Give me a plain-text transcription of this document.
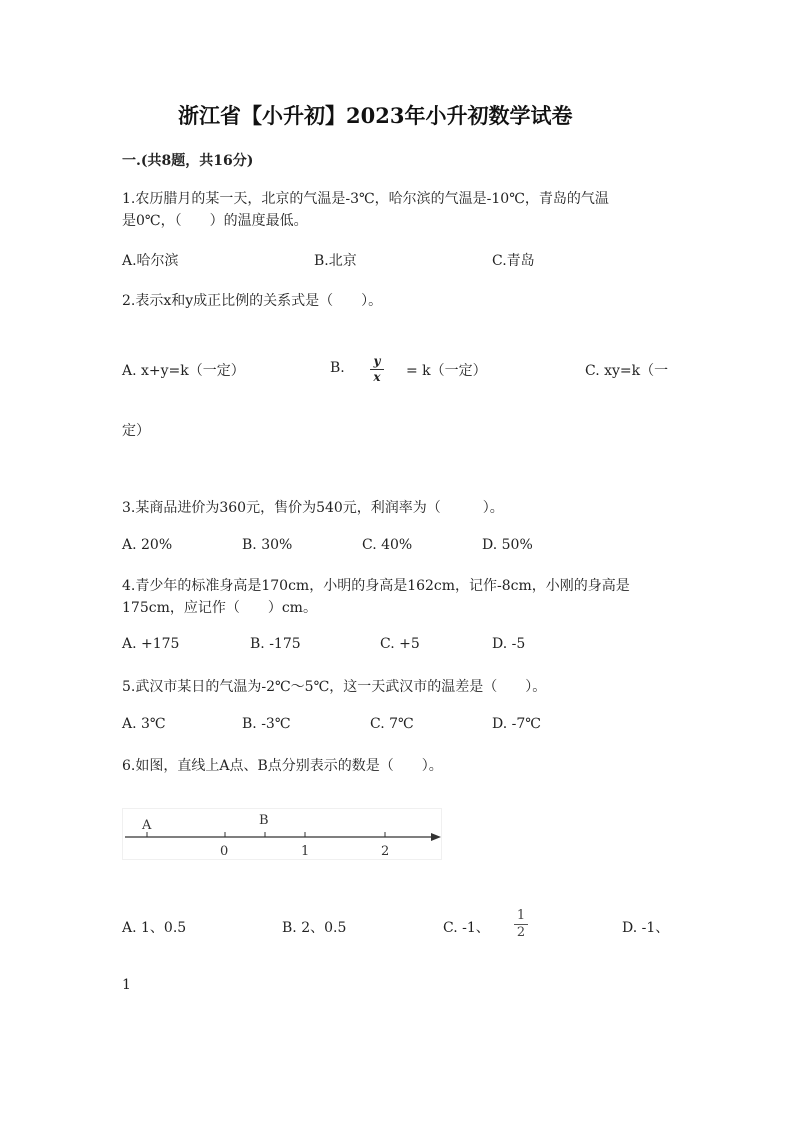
浙江省【小升初】2023年小升初数学试卷
一.(共8题，共16分)
1.农历腊月的某一天，北京的气温是-3℃，哈尔滨的气温是-10℃，青岛的气温
是0℃，（　　）的温度最低。
A.哈尔滨	B.北京	C.青岛
2.表示x和y成正比例的关系式是（　　）。
A. x+y=k（一定）	B. y
x = k（一定）	C. xy=k（一
定）
3.某商品进价为360元，售价为540元，利润率为（　　　）。
A. 20%	B. 30%	C. 40%	D. 50%
4.青少年的标准身高是170cm，小明的身高是162cm，记作-8cm，小刚的身高是
175cm，应记作（　　）cm。
A. +175	B. -175	C. +5	D. -5
5.武汉市某日的气温为-2℃～5℃，这一天武汉市的温差是（　　）。
A. 3℃	B. -3℃	C. 7℃	D. -7℃
6.如图，直线上A点、B点分别表示的数是（　　）。
A	B
0	1	2
A. 1、0.5	B. 2、0.5	C. -1、
1
2	D. -1、
1
